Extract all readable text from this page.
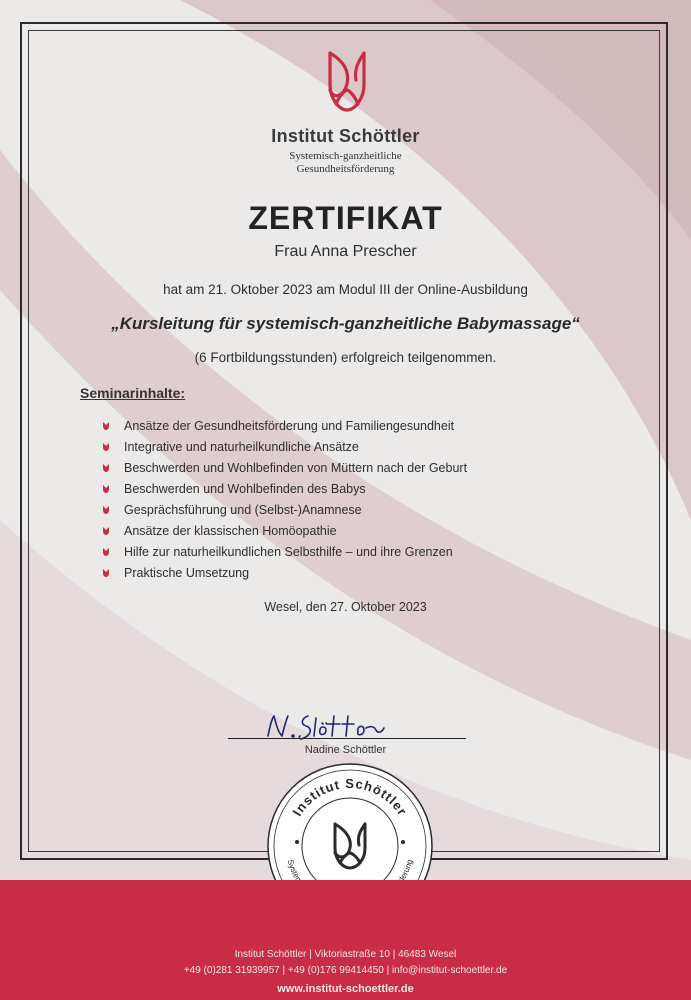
Institut Schöttler
Systemisch-ganzheitliche
Gesundheitsförderung
ZERTIFIKAT
Frau Anna Prescher
hat am 21. Oktober 2023 am Modul III der Online-Ausbildung
„Kursleitung für systemisch-ganzheitliche Babymassage“
(6 Fortbildungsstunden) erfolgreich teilgenommen.
Seminarinhalte:
Ansätze der Gesundheitsförderung und Familiengesundheit
Integrative und naturheilkundliche Ansätze
Beschwerden und Wohlbefinden von Müttern nach der Geburt
Beschwerden und Wohlbefinden des Babys
Gesprächsführung und (Selbst-)Anamnese
Ansätze der klassischen Homöopathie
Hilfe zur naturheilkundlichen Selbsthilfe – und ihre Grenzen
Praktische Umsetzung
Wesel, den 27. Oktober 2023
Nadine Schöttler
Institut Schöttler
Syste erung
Institut Schöttler | Viktoriastraße 10 | 46483 Wesel
+49 (0)281 31939957 | +49 (0)176 99414450 | info@institut-schoettler.de
www.institut-schoettler.de
